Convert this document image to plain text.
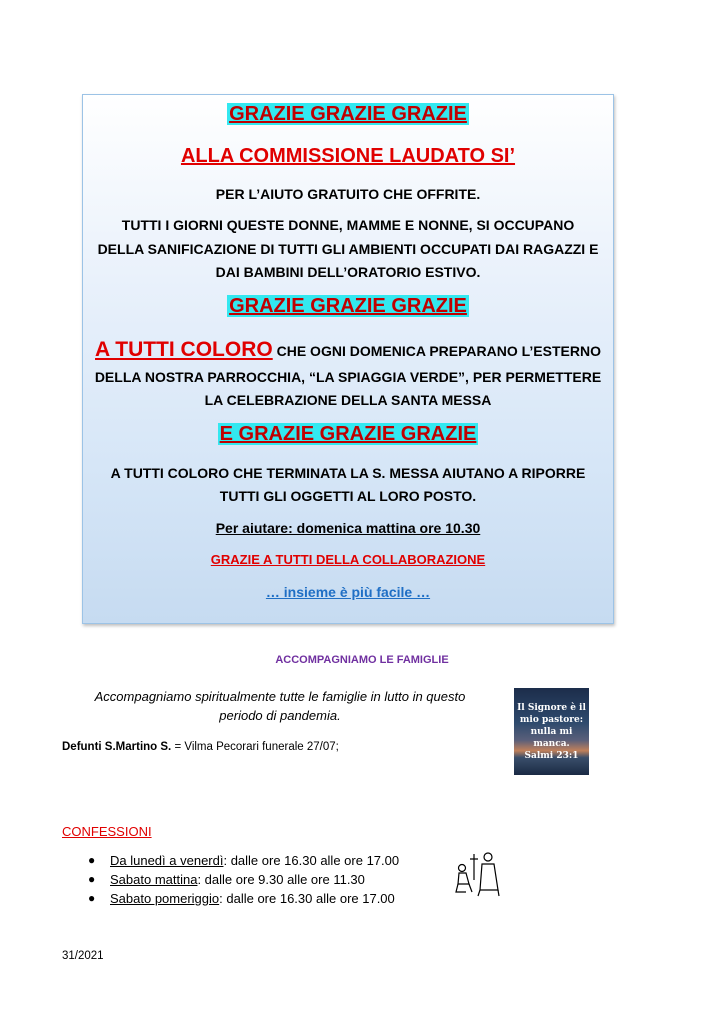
GRAZIE GRAZIE GRAZIE
ALLA COMMISSIONE LAUDATO SI’
PER L’AIUTO GRATUITO CHE OFFRITE.
TUTTI I GIORNI QUESTE DONNE, MAMME E NONNE, SI OCCUPANO
DELLA SANIFICAZIONE DI TUTTI GLI AMBIENTI OCCUPATI DAI RAGAZZI E
DAI BAMBINI DELL’ORATORIO ESTIVO.
GRAZIE GRAZIE GRAZIE
A TUTTI COLORO CHE OGNI DOMENICA PREPARANO L’ESTERNO
DELLA NOSTRA PARROCCHIA, “LA SPIAGGIA VERDE”, PER PERMETTERE
LA CELEBRAZIONE DELLA SANTA MESSA
E GRAZIE GRAZIE GRAZIE
A TUTTI COLORO CHE TERMINATA LA S. MESSA AIUTANO A RIPORRE
TUTTI GLI OGGETTI AL LORO POSTO.
Per aiutare: domenica mattina ore 10.30
GRAZIE A TUTTI DELLA COLLABORAZIONE
… insieme è più facile …
ACCOMPAGNIAMO LE FAMIGLIE
Accompagniamo spiritualmente tutte le famiglie in lutto in questo
periodo di pandemia.
Defunti S.Martino S. = Vilma Pecorari funerale 27/07;
Il Signore è il
mio pastore:
nulla mi
manca.
Salmi 23:1
CONFESSIONI
● Da lunedì a venerdì: dalle ore 16.30 alle ore 17.00
● Sabato mattina: dalle ore 9.30 alle ore 11.30
● Sabato pomeriggio: dalle ore 16.30 alle ore 17.00
31/2021
